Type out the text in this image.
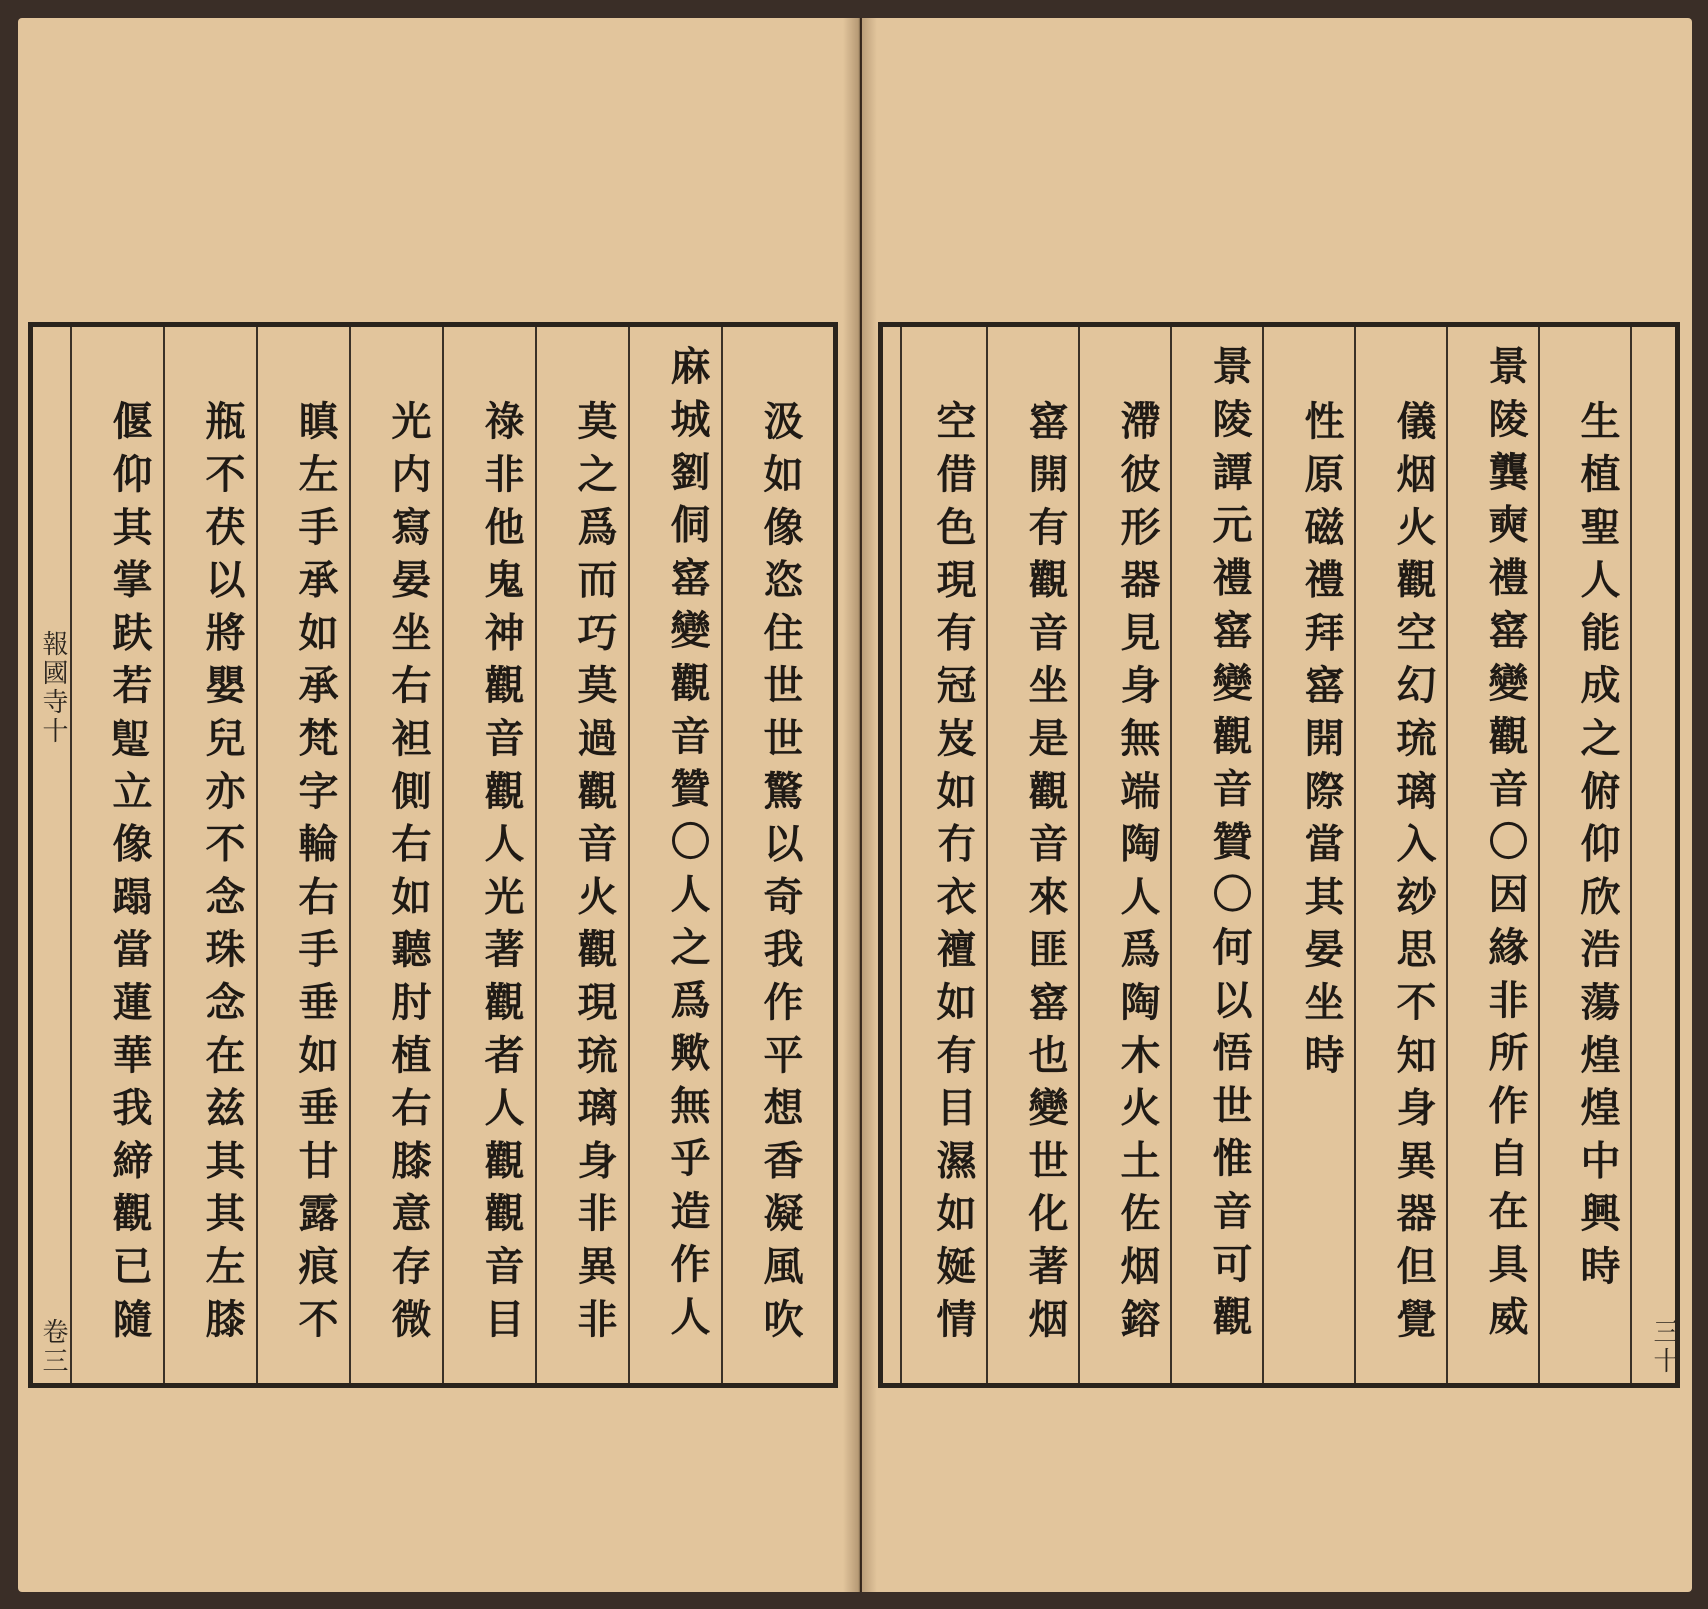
汲如像恣住世世驚以奇我作平想香凝風吹
麻城劉侗窰變觀音贊〇人之爲歟無乎造作人
莫之爲而巧莫過觀音火觀現琉璃身非異非
祿非他鬼神觀音觀人光著觀者人觀觀音目
光内寫晏坐右袒側右如聽肘植右膝意存微
瞋左手承如承梵字輪右手垂如垂甘露痕不
瓶不茯以將嬰兒亦不念珠念在兹其其左膝
偃仰其掌趺若𨂢立像蹋當蓮華我締觀已隨
報國寺十
卷三
生植聖人能成之俯仰欣浩蕩煌煌中興時
景陵龔奭禮窰變觀音〇因緣非所作自在具威
儀烟火觀空幻琉璃入玅思不知身異器但覺
性原磁禮拜窰開際當其晏坐時
景陵譚元禮窰變觀音贊〇何以悟世惟音可觀
滯彼形器見身無端陶人爲陶木火土佐烟鎔
窰開有觀音坐是觀音來匪窰也變世化著烟
空借色現有冠岌如冇衣襢如有目濕如娫情	三十
